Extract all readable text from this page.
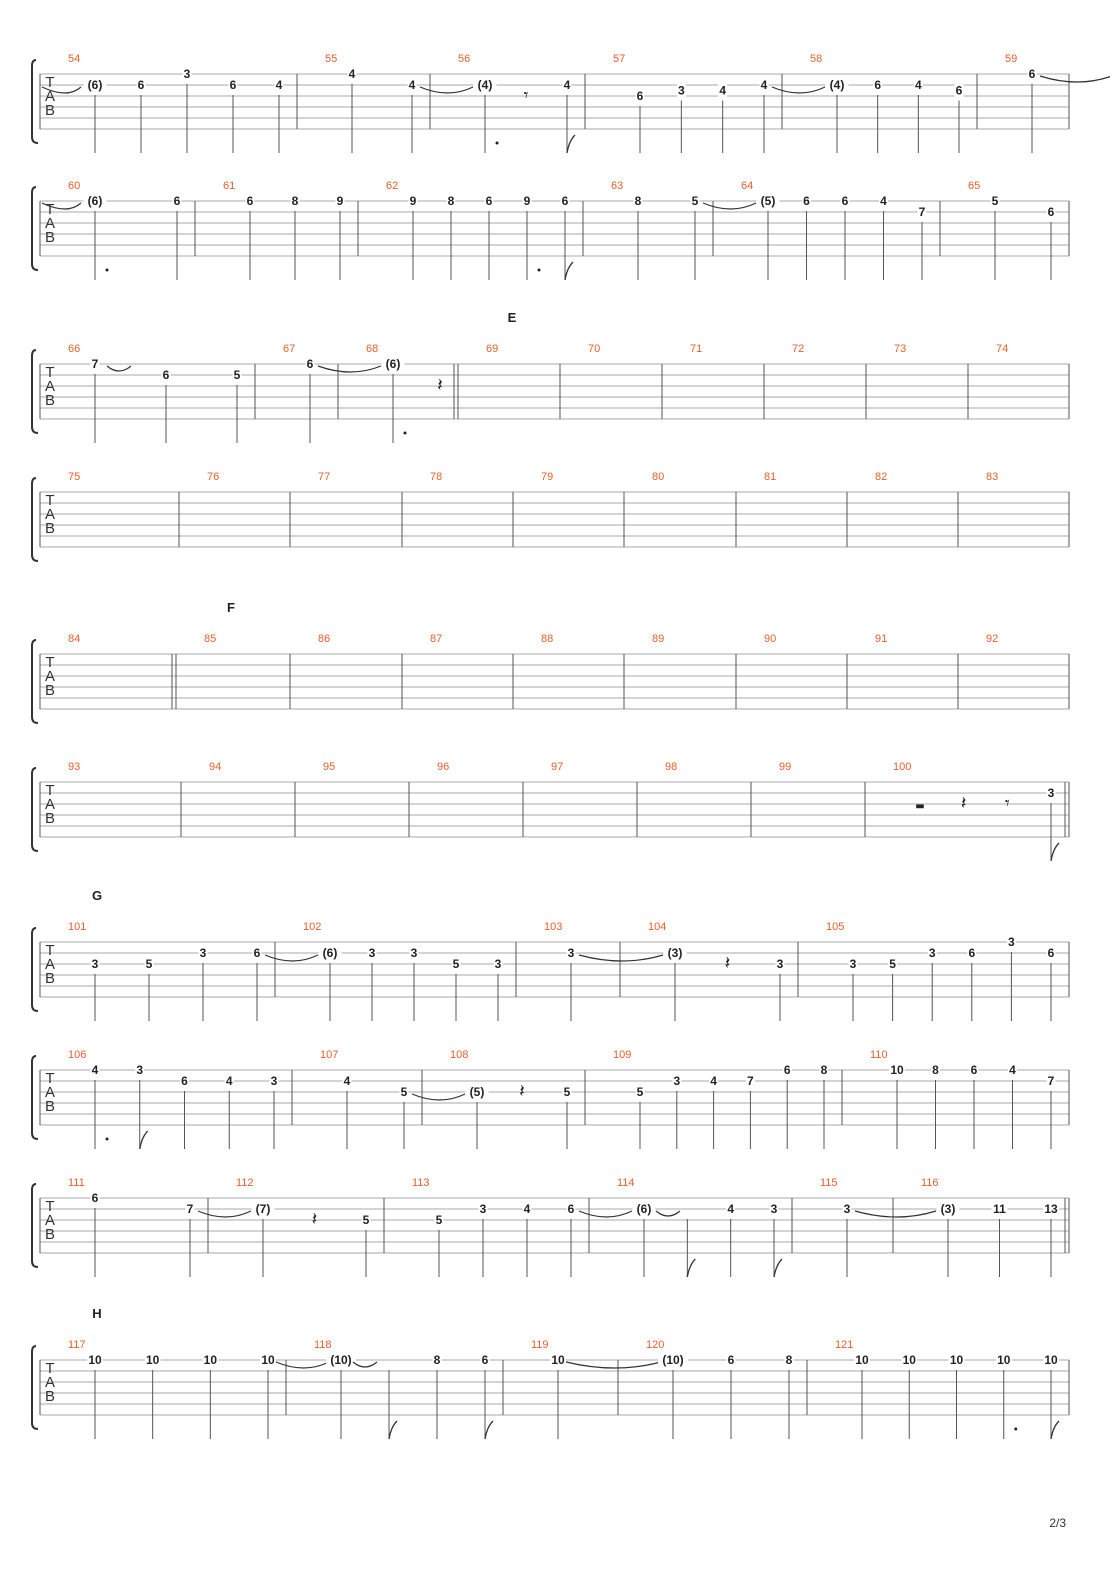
T
A
B
54
(6)	6
3
6	4
55
4
4
56
(4) 𝄾	4
57
6	3	4	4
58
(4) 6	4	6
59
6
T
A
B
60
(6)	6
61
6	8	9
62
9	8	6	9	6
63
8	5
64
(5) 6	6	4
7
65
5
6
E
T
A
B
66
7
6	5
67
6
68
(6)
𝄽
69	70	71	72	73	74
T
A
B
75	76	77	78	79	80	81	82	83
F
T
A
B
84	85	86	87	88	89	90	91	92
T
A
B
93	94	95	96	97	98	99	100
▬ 𝄽 𝄾	3
G
T
A
B
101
3	5
3	6
102
(6)	3	3
5	3
103
3
104
(3) 𝄽	3
105
3	5
3	6
3
6
T
A
B
106
4	3
6	4	3
107
4
5
108
(5) 𝄽	5
109
5
3	4	7
6	8
110
10 8	6	4
7
T
A
B
111
6
7
112
(7) 𝄽	5
113
5
3	4	6
114
(6)	4	3
115
3
116
(3)	11	13
H
T
A
B
117
10	10	10	10
118
(10)	8	6
119
10
120
(10)	6	8
121
10	10	10	10	10
2/3
